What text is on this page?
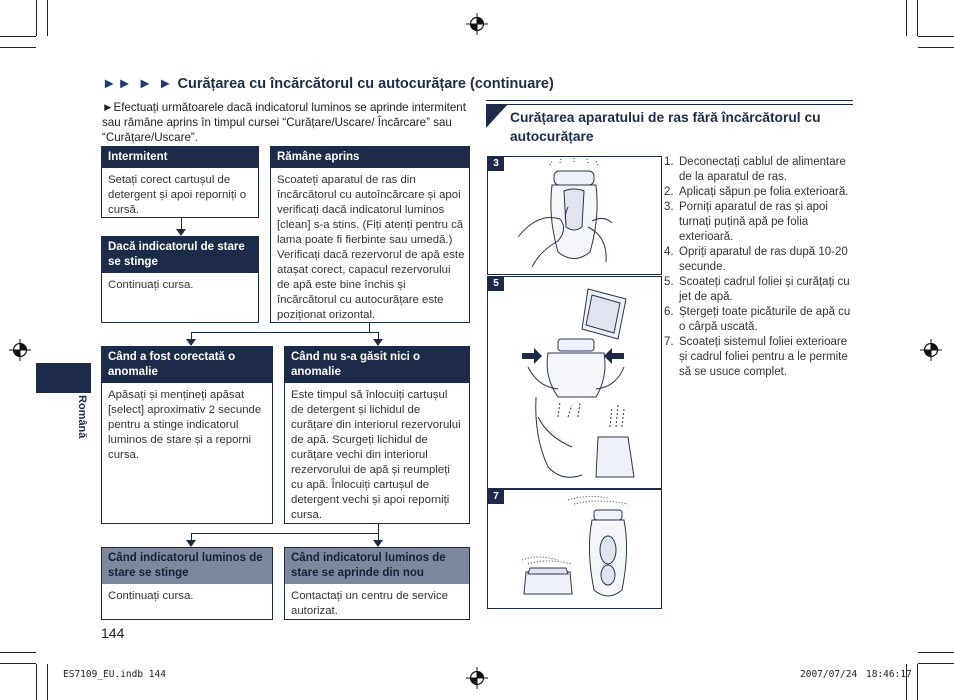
►► ► ► Curățarea cu încărcătorul cu autocurățare (continuare)
►Efectuați următoarele dacă indicatorul luminos se aprinde intermitent sau rămâne aprins în timpul cursei “Curățare/Uscare/ Încărcare” sau “Curățare/Uscare”.
Intermitent
Setați corect cartușul de detergent și apoi reporniți o cursă.
Rămâne aprins
Scoateți aparatul de ras din încărcătorul cu autoîncărcare și apoi verificați dacă indicatorul luminos [clean] s-a stins. (Fiți atenți pentru că lama poate fi fierbinte sau umedă.) Verificați dacă rezervorul de apă este atașat corect, capacul rezervorului de apă este bine închis și încărcătorul cu autocurățare este poziționat orizontal.
Dacă indicatorul de stare se stinge
Continuați cursa.
Când a fost corectată o anomalie
Apăsați și mențineți apăsat [select] aproximativ 2 secunde pentru a stinge indicatorul luminos de stare și a reporni cursa.
Când nu s-a găsit nici o anomalie
Este timpul să înlocuiți cartușul de detergent și lichidul de curățare din interiorul rezervorului de apă. Scurgeți lichidul de curățare vechi din interiorul rezervorului de apă și reumpleți cu apă. Înlocuiți cartușul de detergent vechi și apoi reporniți cursa.
Când indicatorul luminos de stare se stinge
Continuați cursa.
Când indicatorul luminos de stare se aprinde din nou
Contactați un centru de service autorizat.
Română
Curățarea aparatului de ras fără încărcătorul cu autocurățare
3
5
7
1. Deconectați cablul de alimentare de la aparatul de ras.
2. Aplicați săpun pe folia exterioară.
3. Porniți aparatul de ras și apoi turnați puțină apă pe folia exterioară.
4. Opriți aparatul de ras după 10-20 secunde.
5. Scoateți cadrul foliei și curățați cu jet de apă.
6. Ștergeți toate picăturile de apă cu o cârpă uscată.
7. Scoateți sistemul foliei exterioare și cadrul foliei pentru a le permite să se usuce complet.
144
ES7109_EU.indb 144	2007/07/24 18:46:17
